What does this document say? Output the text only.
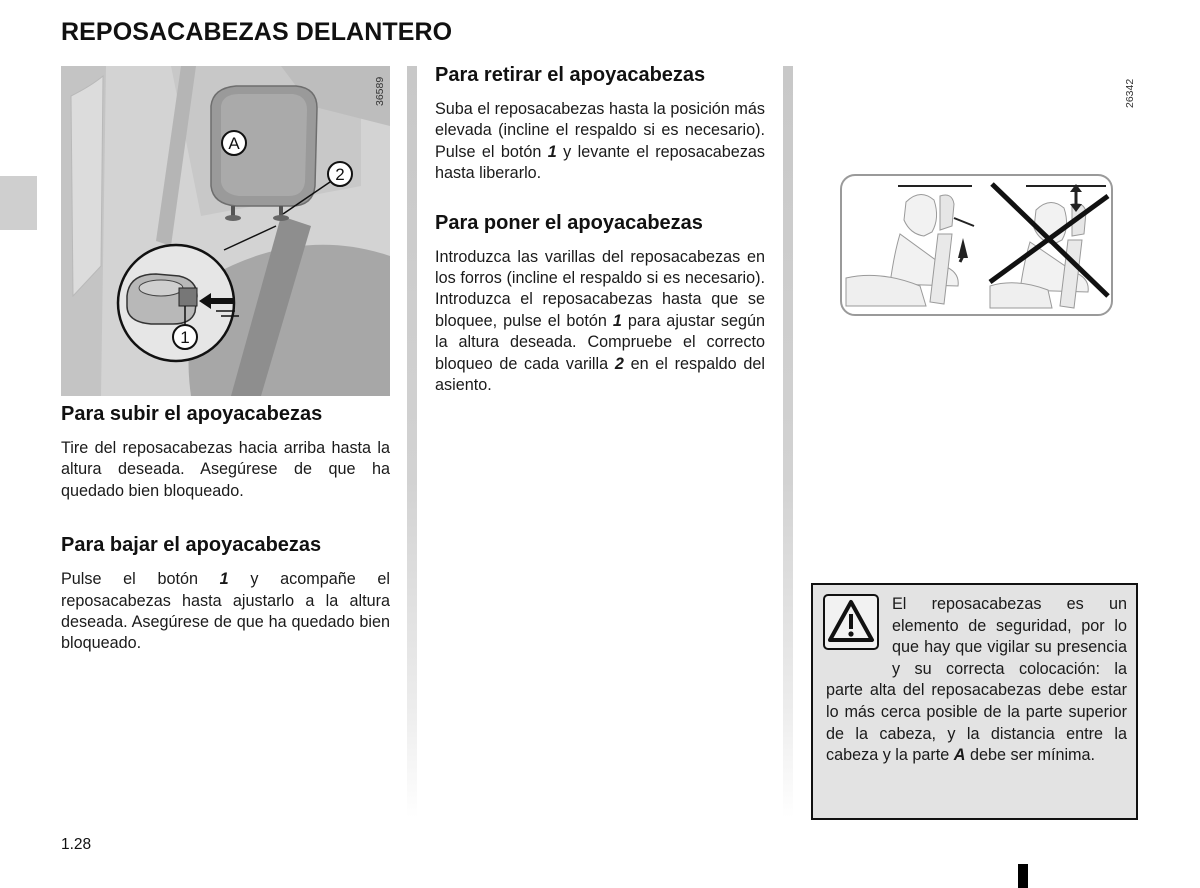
REPOSACABEZAS DELANTERO
A
2
1
36589	26342
Para subir el apoyacabezas

Tire del reposacabezas hacia arriba hasta la altura deseada. Asegúrese de que ha quedado bien bloqueado.

Para bajar el apoyacabezas

Pulse el botón 1 y acompañe el reposacabezas hasta ajustarlo a la altura deseada. Asegúrese de que ha quedado bien bloqueado.

Para retirar el apoyacabezas

Suba el reposacabezas hasta la posición más elevada (incline el respaldo si es necesario). Pulse el botón 1 y levante el reposacabezas hasta liberarlo.

Para poner el apoyacabezas

Introduzca las varillas del reposacabezas en los forros (incline el respaldo si es necesario). Introduzca el reposacabezas hasta que se bloquee, pulse el botón 1 para ajustar según la altura deseada. Compruebe el correcto bloqueo de cada varilla 2 en el respaldo del asiento.

El reposacabezas es un elemento de seguridad, por lo que hay que vigilar su presencia y su correcta colocación: la parte alta del reposacabezas debe estar lo más cerca posible de la parte superior de la cabeza, y la distancia entre la cabeza y la parte A debe ser mínima.

1.28
